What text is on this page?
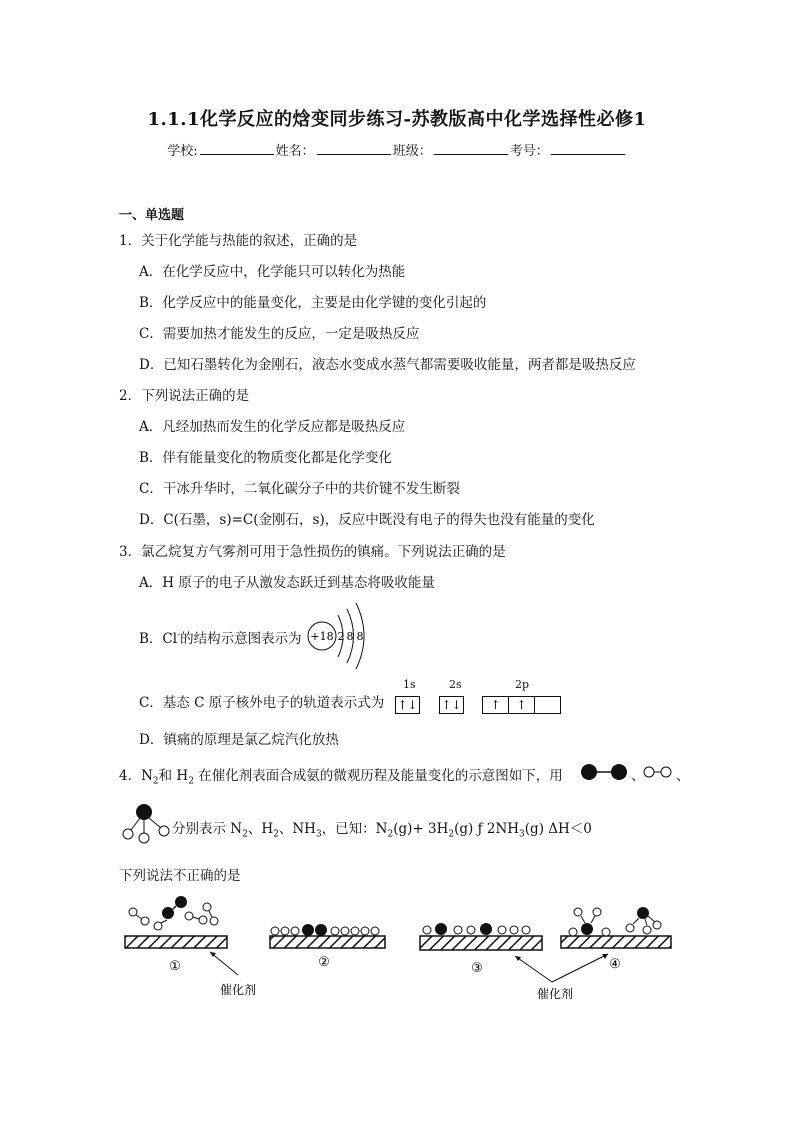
1.1.1化学反应的焓变同步练习-苏教版高中化学选择性必修1
学校:	姓名：	班级：	考号：
一、单选题
1．关于化学能与热能的叙述，正确的是
A．在化学反应中，化学能只可以转化为热能
B．化学反应中的能量变化，主要是由化学键的变化引起的
C．需要加热才能发生的反应，一定是吸热反应
D．已知石墨转化为金刚石，液态水变成水蒸气都需要吸收能量，两者都是吸热反应
2．下列说法正确的是
A．凡经加热而发生的化学反应都是吸热反应
B．伴有能量变化的物质变化都是化学变化
C．干冰升华时，二氧化碳分子中的共价键不发生断裂
D．C(石墨，s)=C(金刚石，s)，反应中既没有电子的得失也没有能量的变化
3．氯乙烷复方气雾剂可用于急性损伤的镇痛。下列说法正确的是
A．H 原子的电子从激发态跃迁到基态将吸收能量
B．Cl-的结构示意图表示为 +18 2 8 8
C．基态 C 原子核外电子的轨道表示式为
1s	2s	2p
↑↓ ↑↓	↑	↑
D．镇痛的原理是氯乙烷汽化放热
4．$N_2$和 $H_2$ 在催化剂表面合成氨的微观历程及能量变化的示意图如下，用	、 、
分别表示 $N_2$、$H_2$、$NH_3$，已知：$N_2(g)+ 3H_2(g)$ ƒ $2NH_3(g)$ ΔH＜0
下列说法不正确的是
①	②	③	④
催化剂	催化剂
